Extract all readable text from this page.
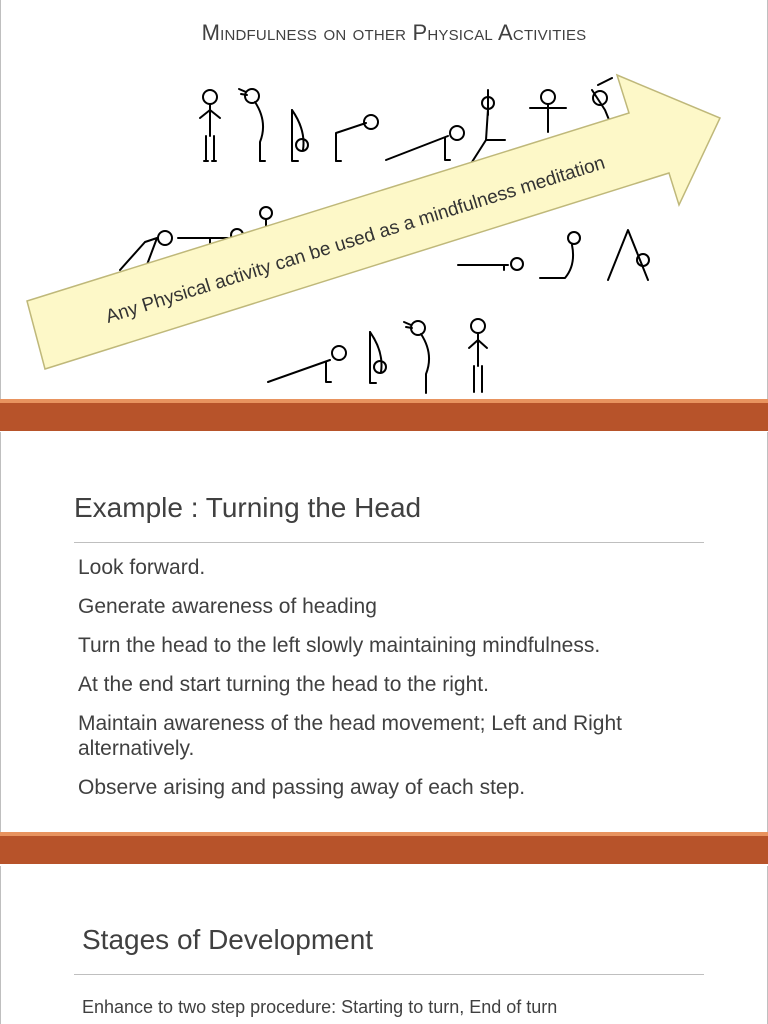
Mindfulness on other Physical Activities
Any Physical activity can be used as a mindfulness meditation
Example : Turning the Head
Look forward.
Generate awareness of heading
Turn the head to the left slowly maintaining mindfulness.
At the end start turning the head to the right.
Maintain awareness of the head movement; Left and Right alternatively.
Observe arising and passing away of each step.
Stages of Development
Enhance to two step procedure: Starting to turn, End of turn
